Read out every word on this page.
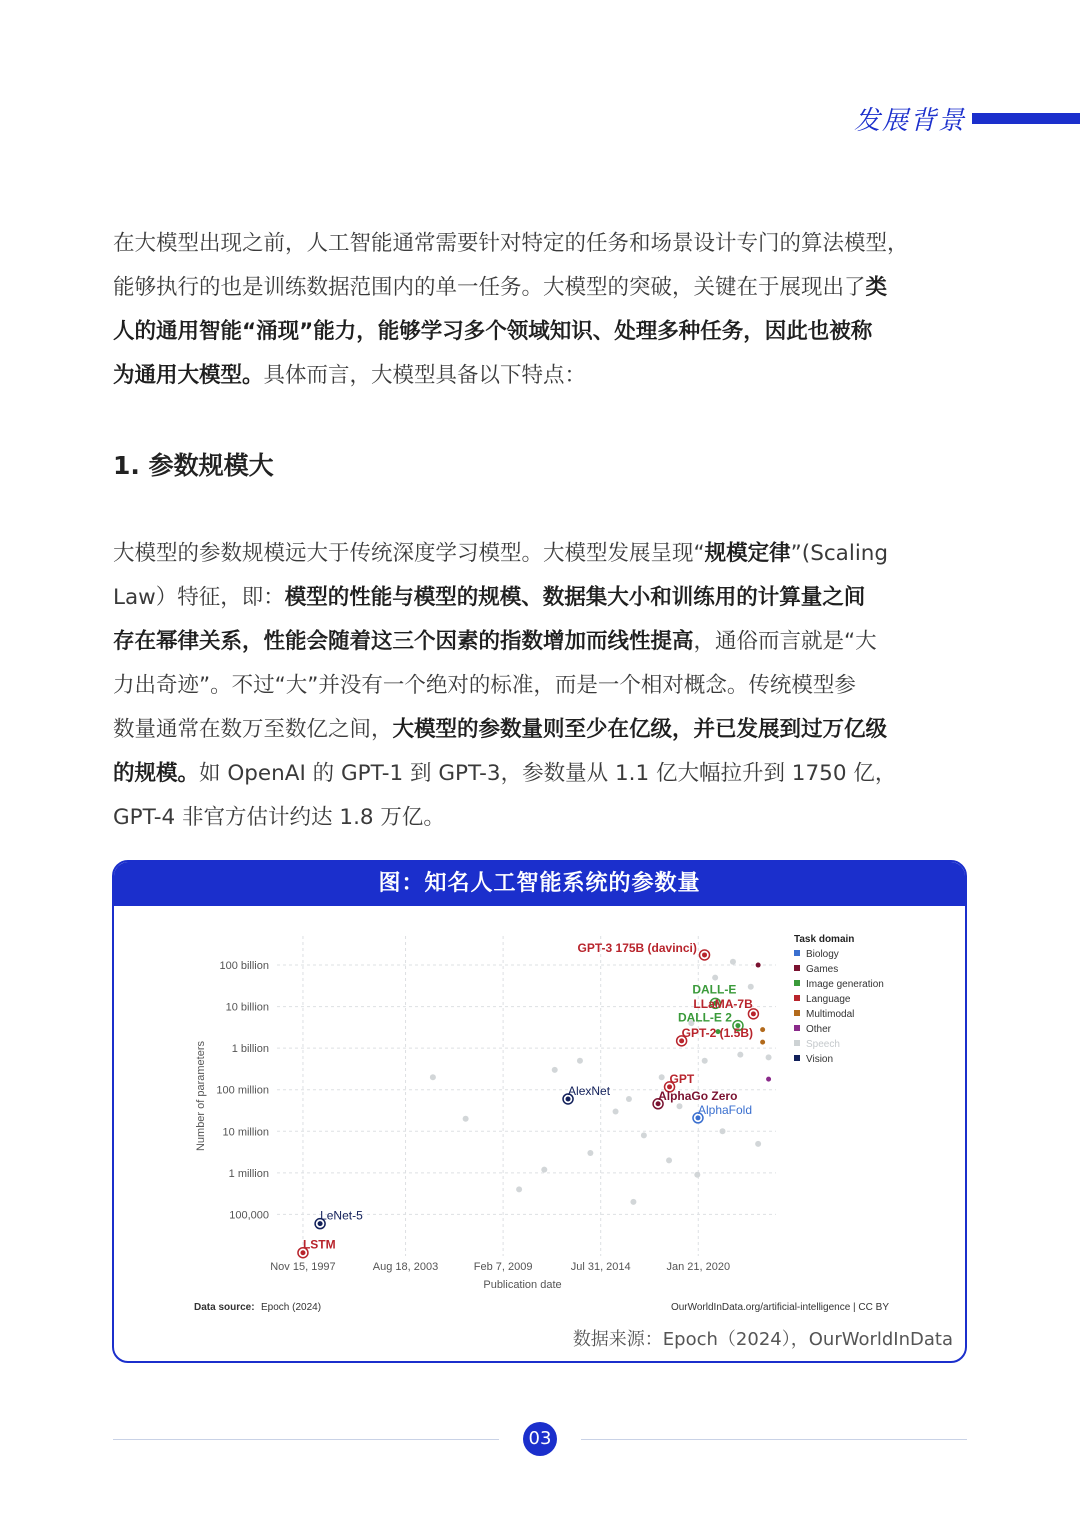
发展背景
在大模型出现之前，人工智能通常需要针对特定的任务和场景设计专门的算法模型，
能够执行的也是训练数据范围内的单一任务。大模型的突破，关键在于展现出了类
人的通用智能“涌现”能力，能够学习多个领域知识、处理多种任务，因此也被称
为通用大模型。具体而言，大模型具备以下特点：
1. 参数规模大
大模型的参数规模远大于传统深度学习模型。大模型发展呈现“规模定律”(Scaling
Law）特征，即：模型的性能与模型的规模、数据集大小和训练用的计算量之间
存在幂律关系，性能会随着这三个因素的指数增加而线性提高，通俗而言就是“大
力出奇迹”。不过“大”并没有一个绝对的标准，而是一个相对概念。传统模型参
数量通常在数万至数亿之间，大模型的参数量则至少在亿级，并已发展到过万亿级
的规模。如 OpenAI 的 GPT-1 到 GPT-3，参数量从 1.1 亿大幅拉升到 1750 亿，
GPT-4 非官方估计约达 1.8 万亿。
图：知名人工智能系统的参数量
100,000
1 million
10 million
100 million
1 billion
10 billion
100 billion
Nov 15, 1997	Aug 18, 2003	Feb 7, 2009	Jul 31, 2014	Jan 21, 2020
Publication date
Number of parameters
GPT-3 175B (davinci)
DALL-E
LLaMA-7B
DALL-E 2
GPT-2 (1.5B)
GPT
AlphaGo Zero
AlphaFold
AlexNet
LeNet-5
LSTM
Task domain
Biology
Games
Image generation
Language
Multimodal
Other
Speech
Vision
Data source: Epoch (2024)	OurWorldInData.org/artificial-intelligence | CC BY
数据来源：Epoch（2024），OurWorldInData
03
